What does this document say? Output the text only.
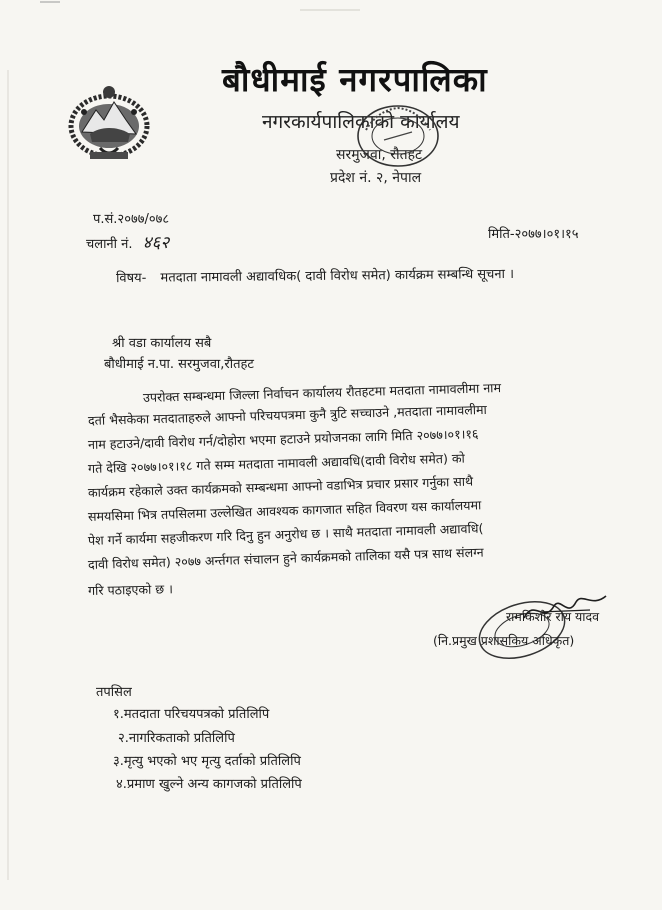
बौधीमाई नगरपालिका
नगरकार्यपालिकाको कार्यालय
सरमुजवा, रौतहट
प्रदेश नं. २, नेपाल
प.सं.२०७७/०७८
चलानी नं. ४६२	मिति-२०७७।०१।१५
विषय- मतदाता नामावली अद्यावधिक( दावी विरोध समेत) कार्यक्रम सम्बन्धि सूचना ।
श्री वडा कार्यालय सबै
बौधीमाई न.पा. सरमुजवा,रौतहट
उपरोक्त सम्बन्धमा जिल्ला निर्वाचन कार्यालय रौतहटमा मतदाता नामावलीमा नाम
दर्ता भैसकेका मतदाताहरुले आफ्नो परिचयपत्रमा कुनै त्रुटि सच्चाउने ,मतदाता नामावलीमा
नाम हटाउने/दावी विरोध गर्न/दोहोरा भएमा हटाउने प्रयोजनका लागि मिति २०७७।०१।१६
गते देखि २०७७।०१।१८ गते सम्म मतदाता नामावली अद्यावधि(दावी विरोध समेत) को
कार्यक्रम रहेकाले उक्त कार्यक्रमको सम्बन्धमा आफ्नो वडाभित्र प्रचार प्रसार गर्नुका साथै
समयसिमा भित्र तपसिलमा उल्लेखित आवश्यक कागजात सहित विवरण यस कार्यालयमा
पेश गर्ने कार्यमा सहजीकरण गरि दिनु हुन अनुरोध छ । साथै मतदाता नामावली अद्यावधि(
दावी विरोध समेत) २०७७ अर्न्तगत संचालन हुने कार्यक्रमको तालिका यसै पत्र साथ संलग्न
गरि पठाइएको छ ।
रामकिशोर राय यादव
(नि.प्रमुख प्रशासकिय अधिकृत)
तपसिल
१.मतदाता परिचयपत्रको प्रतिलिपि
२.नागरिकताको प्रतिलिपि
३.मृत्यु भएको भए मृत्यु दर्ताको प्रतिलिपि
४.प्रमाण खुल्ने अन्य कागजको प्रतिलिपि
